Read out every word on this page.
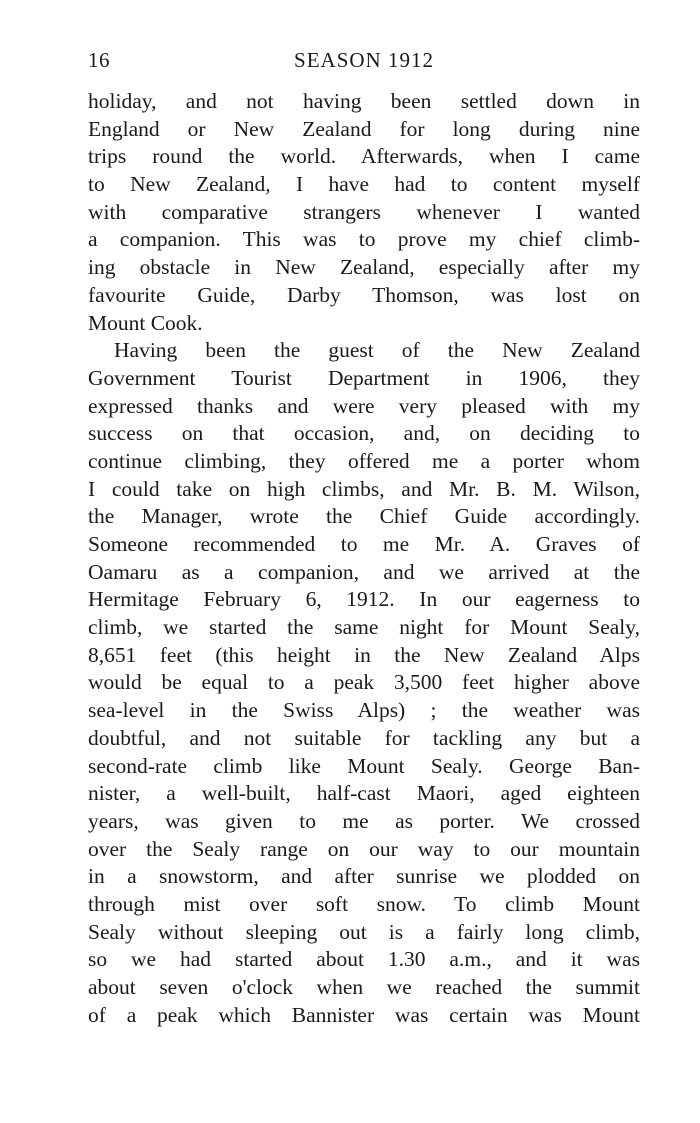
16	SEASON 1912
holiday, and not having been settled down in
England or New Zealand for long during nine
trips round the world. Afterwards, when I came
to New Zealand, I have had to content myself
with comparative strangers whenever I wanted
a companion. This was to prove my chief climb-
ing obstacle in New Zealand, especially after my
favourite Guide, Darby Thomson, was lost on
Mount Cook.
Having been the guest of the New Zealand
Government Tourist Department in 1906, they
expressed thanks and were very pleased with my
success on that occasion, and, on deciding to
continue climbing, they offered me a porter whom
I could take on high climbs, and Mr. B. M. Wilson,
the Manager, wrote the Chief Guide accordingly.
Someone recommended to me Mr. A. Graves of
Oamaru as a companion, and we arrived at the
Hermitage February 6, 1912. In our eagerness to
climb, we started the same night for Mount Sealy,
8,651 feet (this height in the New Zealand Alps
would be equal to a peak 3,500 feet higher above
sea-level in the Swiss Alps) ; the weather was
doubtful, and not suitable for tackling any but a
second-rate climb like Mount Sealy. George Ban-
nister, a well-built, half-cast Maori, aged eighteen
years, was given to me as porter. We crossed
over the Sealy range on our way to our mountain
in a snowstorm, and after sunrise we plodded on
through mist over soft snow. To climb Mount
Sealy without sleeping out is a fairly long climb,
so we had started about 1.30 a.m., and it was
about seven o'clock when we reached the summit
of a peak which Bannister was certain was Mount
